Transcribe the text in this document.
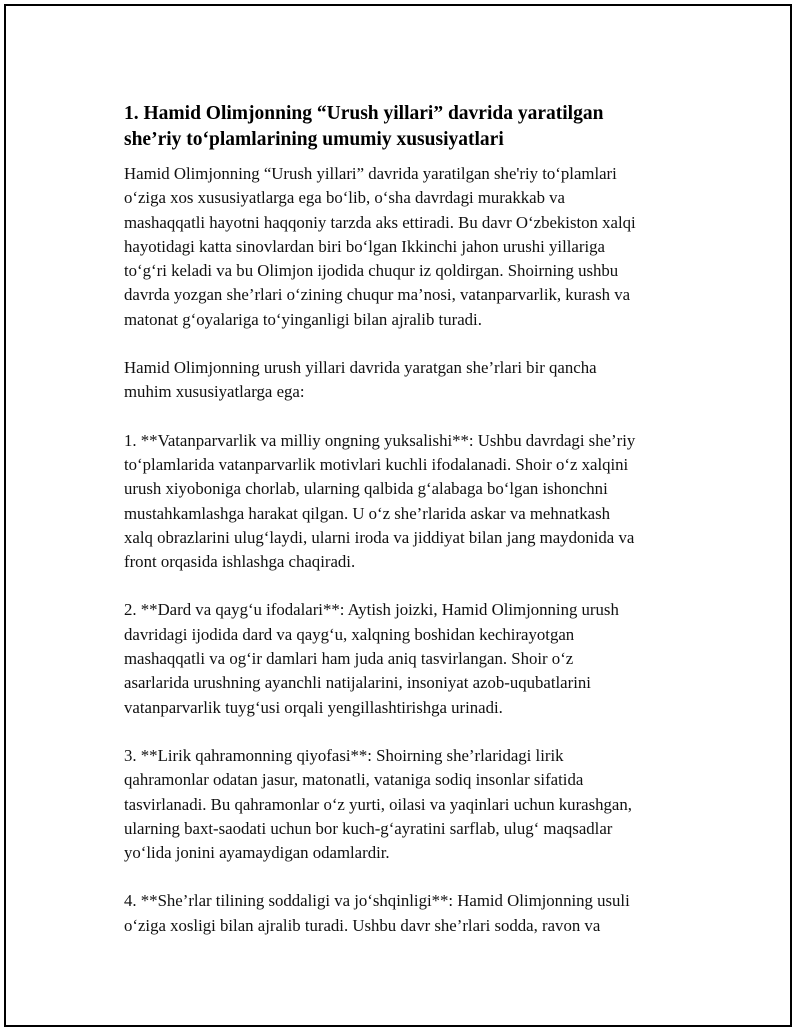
1. Hamid Olimjonning “Urush yillari” davrida yaratilgan
she’riy to‘plamlarining umumiy xususiyatlari

Hamid Olimjonning “Urush yillari” davrida yaratilgan she'riy to‘plamlari
o‘ziga xos xususiyatlarga ega bo‘lib, o‘sha davrdagi murakkab va
mashaqqatli hayotni haqqoniy tarzda aks ettiradi. Bu davr O‘zbekiston xalqi
hayotidagi katta sinovlardan biri bo‘lgan Ikkinchi jahon urushi yillariga
to‘g‘ri keladi va bu Olimjon ijodida chuqur iz qoldirgan. Shoirning ushbu
davrda yozgan she’rlari o‘zining chuqur ma’nosi, vatanparvarlik, kurash va
matonat g‘oyalariga to‘yinganligi bilan ajralib turadi.

Hamid Olimjonning urush yillari davrida yaratgan she’rlari bir qancha
muhim xususiyatlarga ega:

1. **Vatanparvarlik va milliy ongning yuksalishi**: Ushbu davrdagi she’riy
to‘plamlarida vatanparvarlik motivlari kuchli ifodalanadi. Shoir o‘z xalqini
urush xiyoboniga chorlab, ularning qalbida g‘alabaga bo‘lgan ishonchni
mustahkamlashga harakat qilgan. U o‘z she’rlarida askar va mehnatkash
xalq obrazlarini ulug‘laydi, ularni iroda va jiddiyat bilan jang maydonida va
front orqasida ishlashga chaqiradi.

2. **Dard va qayg‘u ifodalari**: Aytish joizki, Hamid Olimjonning urush
davridagi ijodida dard va qayg‘u, xalqning boshidan kechirayotgan
mashaqqatli va og‘ir damlari ham juda aniq tasvirlangan. Shoir o‘z
asarlarida urushning ayanchli natijalarini, insoniyat azob-uqubatlarini
vatanparvarlik tuyg‘usi orqali yengillashtirishga urinadi.

3. **Lirik qahramonning qiyofasi**: Shoirning she’rlaridagi lirik
qahramonlar odatan jasur, matonatli, vataniga sodiq insonlar sifatida
tasvirlanadi. Bu qahramonlar o‘z yurti, oilasi va yaqinlari uchun kurashgan,
ularning baxt-saodati uchun bor kuch-g‘ayratini sarflab, ulug‘ maqsadlar
yo‘lida jonini ayamaydigan odamlardir.

4. **She’rlar tilining soddaligi va jo‘shqinligi**: Hamid Olimjonning usuli
o‘ziga xosligi bilan ajralib turadi. Ushbu davr she’rlari sodda, ravon va
